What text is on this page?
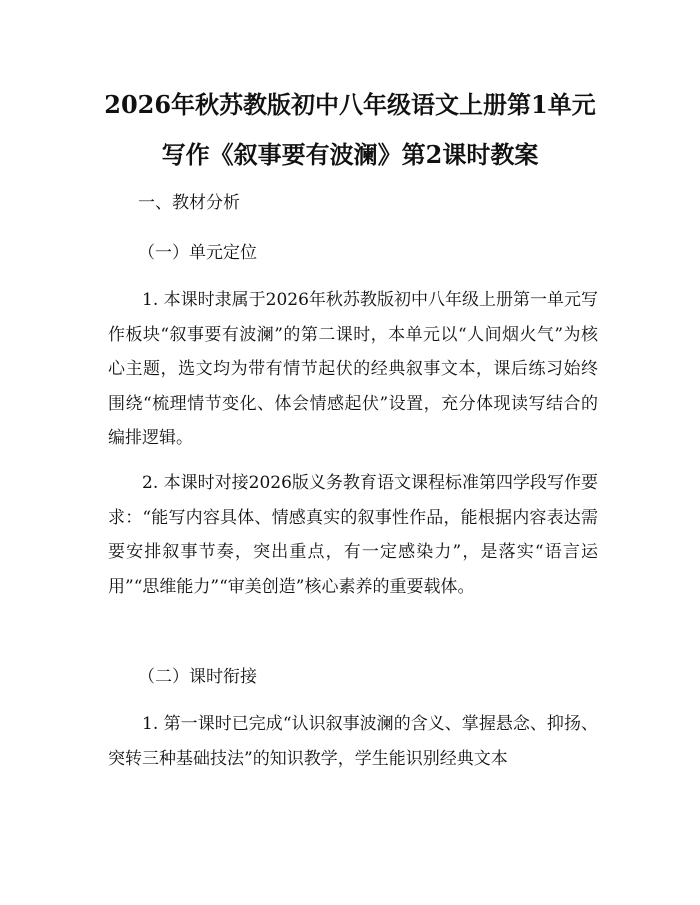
2026年秋苏教版初中八年级语文上册第1单元写作《叙事要有波澜》第2课时教案

一、教材分析

（一）单元定位

1. 本课时隶属于2026年秋苏教版初中八年级上册第一单元写作板块“叙事要有波澜”的第二课时，本单元以“人间烟火气”为核心主题，选文均为带有情节起伏的经典叙事文本，课后练习始终围绕“梳理情节变化、体会情感起伏”设置，充分体现读写结合的编排逻辑。

2. 本课时对接2026版义务教育语文课程标准第四学段写作要求：“能写内容具体、情感真实的叙事性作品，能根据内容表达需要安排叙事节奏，突出重点，有一定感染力”，是落实“语言运用”“思维能力”“审美创造”核心素养的重要载体。

（二）课时衔接

1. 第一课时已完成“认识叙事波澜的含义、掌握悬念、抑扬、突转三种基础技法”的知识教学，学生能识别经典文本
